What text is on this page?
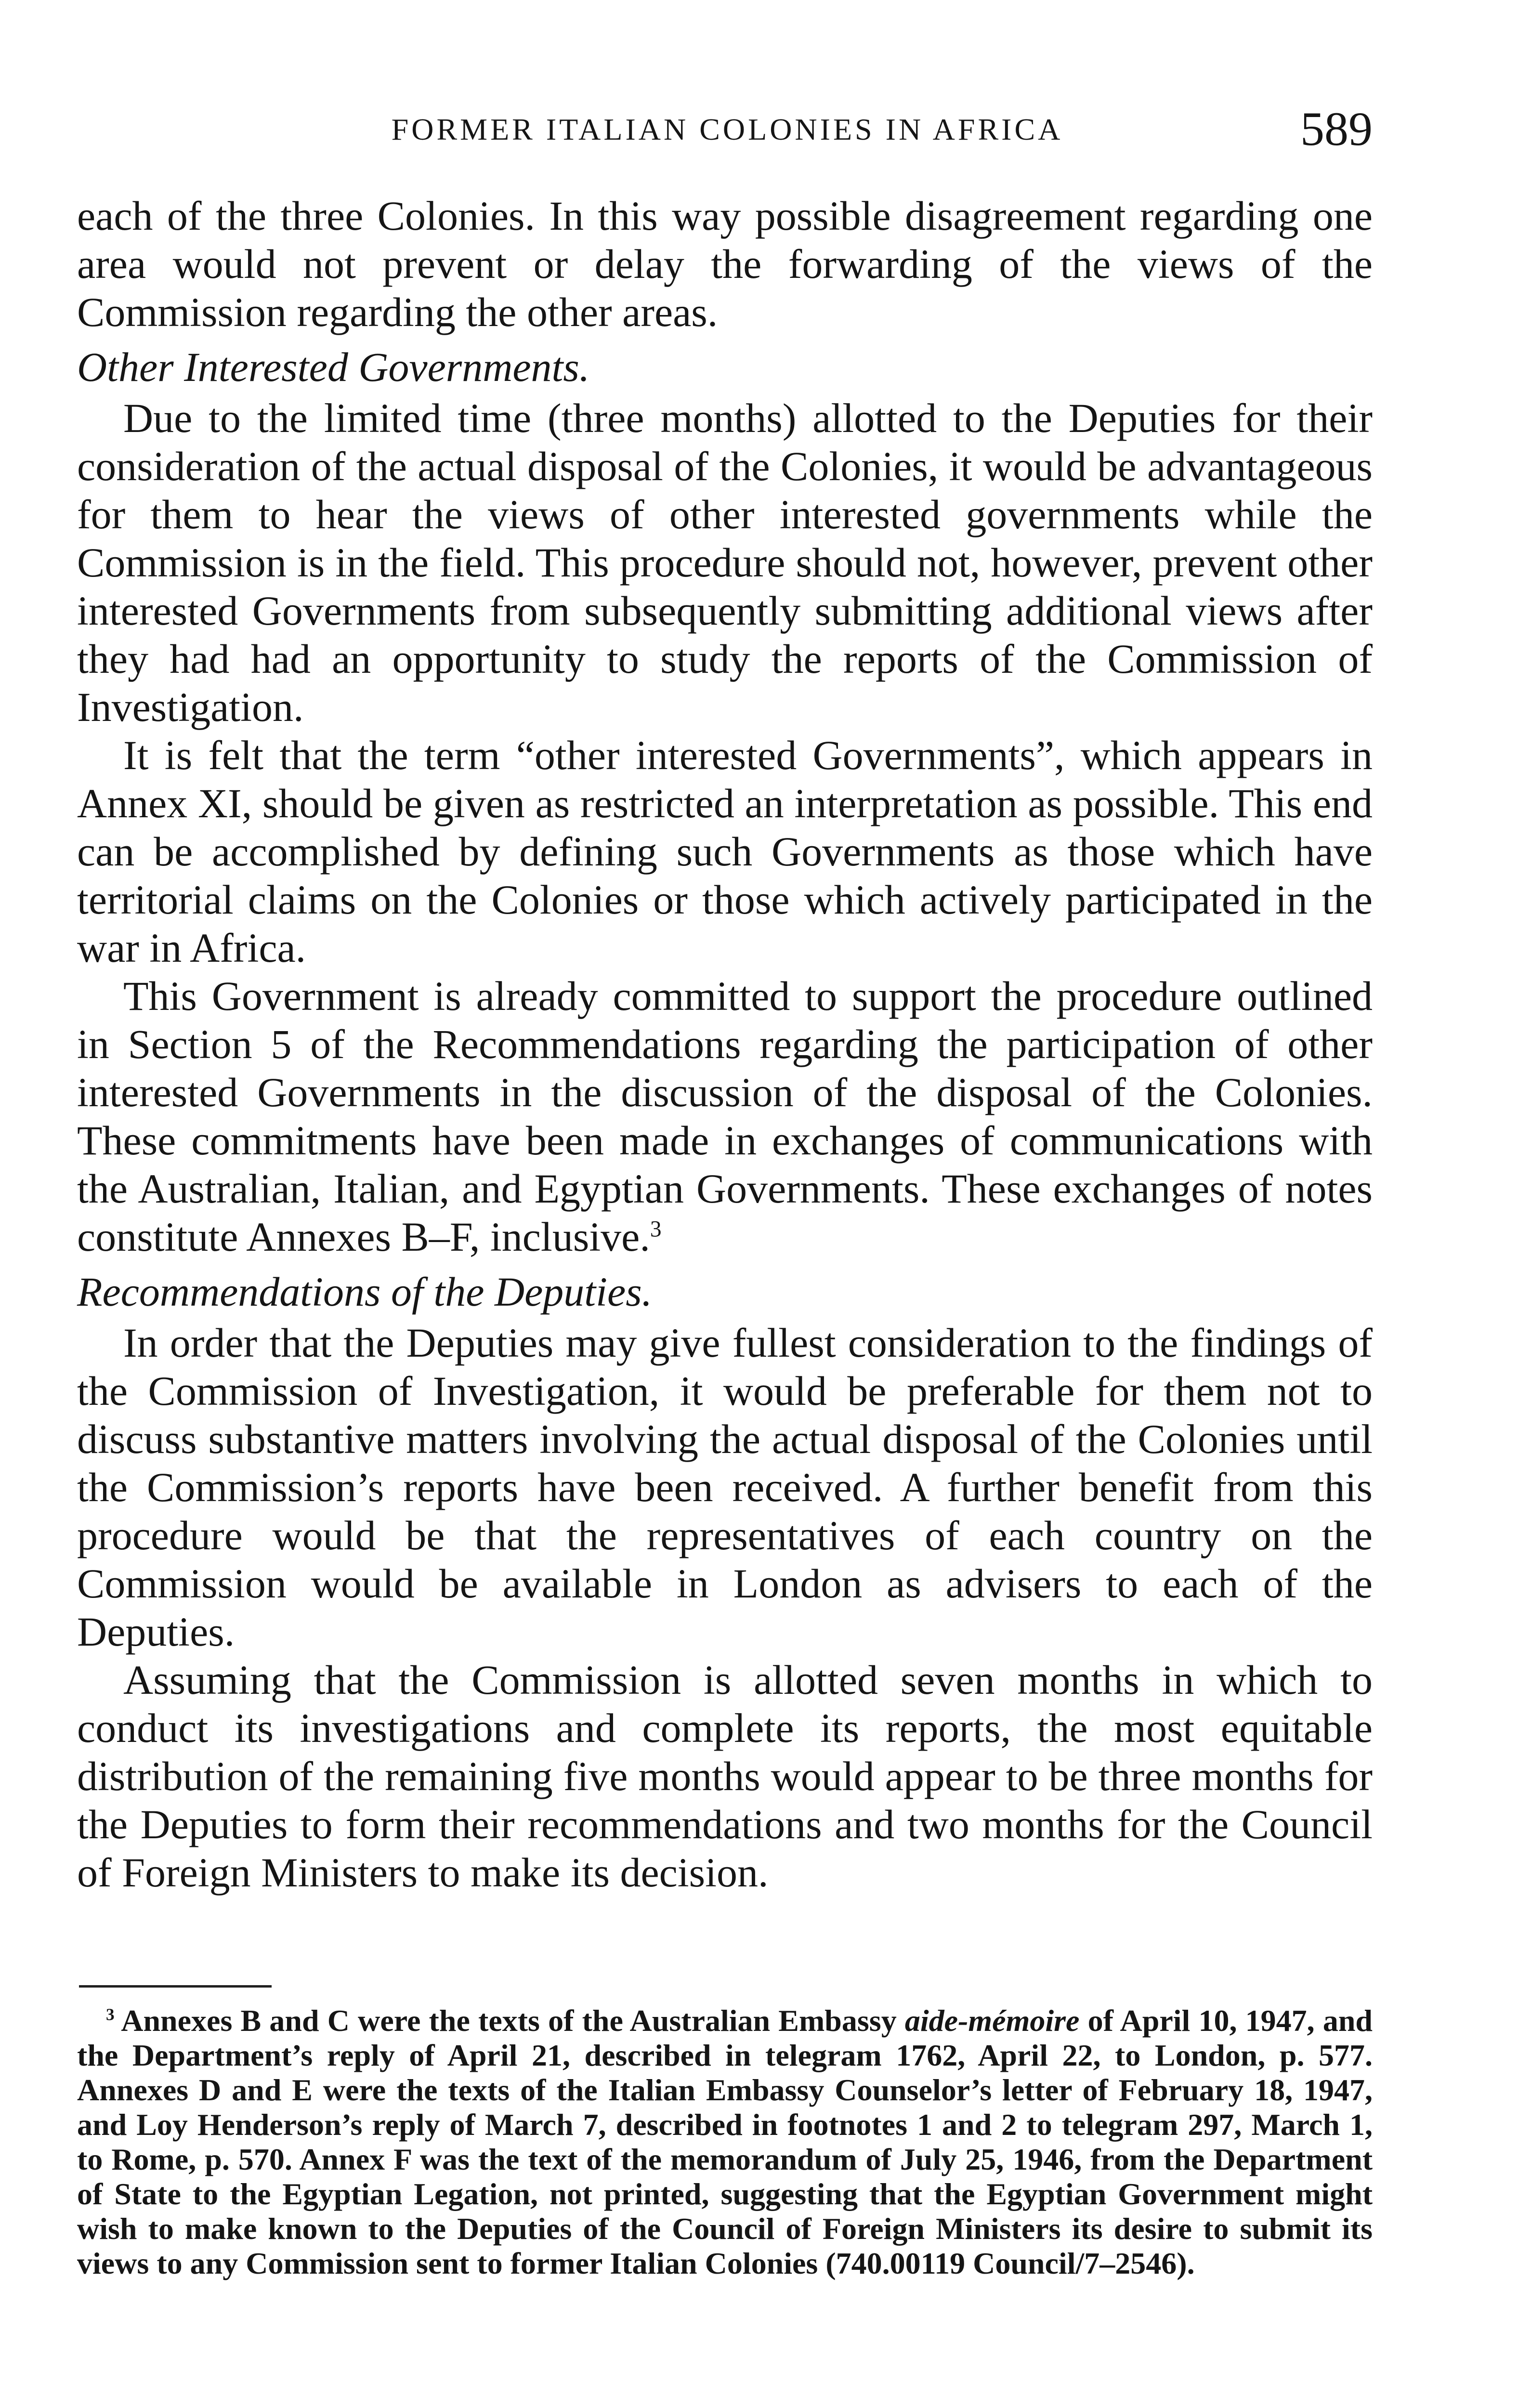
FORMER ITALIAN COLONIES IN AFRICA	589

each of the three Colonies. In this way possible disagreement regarding one area would not prevent or delay the forwarding of the views of the Commission regarding the other areas.

Other Interested Governments.

Due to the limited time (three months) allotted to the Deputies for their consideration of the actual disposal of the Colonies, it would be advantageous for them to hear the views of other interested governments while the Commission is in the field. This procedure should not, however, prevent other interested Governments from subsequently submitting additional views after they had had an opportunity to study the reports of the Commission of Investigation.

It is felt that the term “other interested Governments”, which appears in Annex XI, should be given as restricted an interpretation as possible. This end can be accomplished by defining such Governments as those which have territorial claims on the Colonies or those which actively participated in the war in Africa.

This Government is already committed to support the procedure outlined in Section 5 of the Recommendations regarding the participation of other interested Governments in the discussion of the disposal of the Colonies. These commitments have been made in exchanges of communications with the Australian, Italian, and Egyptian Governments. These exchanges of notes constitute Annexes B–F, inclusive.$^3$

Recommendations of the Deputies.

In order that the Deputies may give fullest consideration to the findings of the Commission of Investigation, it would be preferable for them not to discuss substantive matters involving the actual disposal of the Colonies until the Commission’s reports have been received. A further benefit from this procedure would be that the representatives of each country on the Commission would be available in London as advisers to each of the Deputies.

Assuming that the Commission is allotted seven months in which to conduct its investigations and complete its reports, the most equitable distribution of the remaining five months would appear to be three months for the Deputies to form their recommendations and two months for the Council of Foreign Ministers to make its decision.

$^3$ Annexes B and C were the texts of the Australian Embassy aide-mémoire of April 10, 1947, and the Department’s reply of April 21, described in telegram 1762, April 22, to London, p. 577. Annexes D and E were the texts of the Italian Embassy Counselor’s letter of February 18, 1947, and Loy Henderson’s reply of March 7, described in footnotes 1 and 2 to telegram 297, March 1, to Rome, p. 570. Annex F was the text of the memorandum of July 25, 1946, from the Department of State to the Egyptian Legation, not printed, suggesting that the Egyptian Government might wish to make known to the Deputies of the Council of Foreign Ministers its desire to submit its views to any Commission sent to former Italian Colonies (740.00119 Council/7–2546).
